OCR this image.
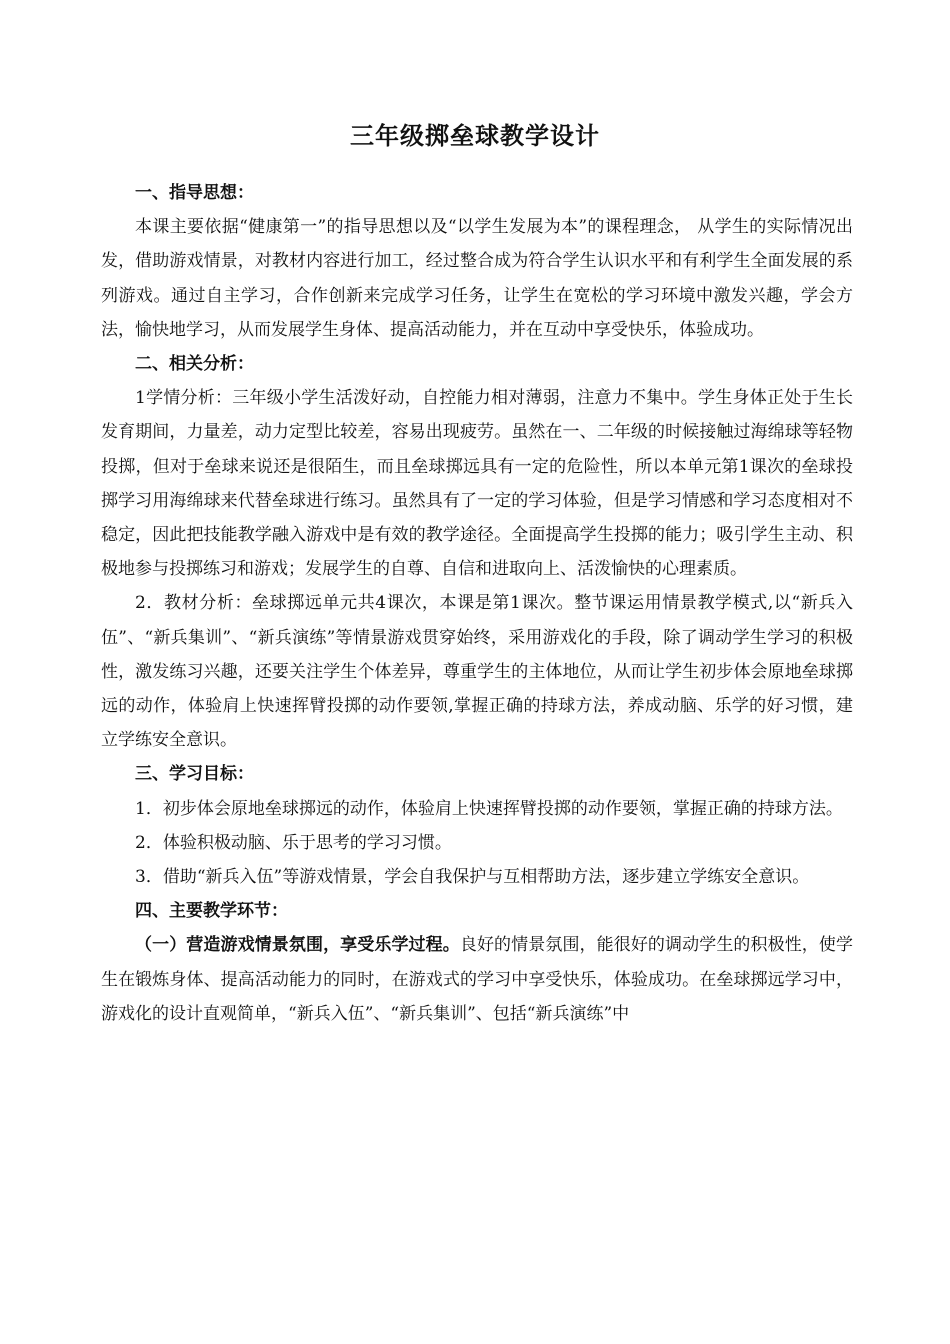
三年级掷垒球教学设计

一、指导思想：

本课主要依据“健康第一”的指导思想以及“以学生发展为本”的课程理念， 从学生的实际情况出发，借助游戏情景，对教材内容进行加工，经过整合成为符合学生认识水平和有利学生全面发展的系列游戏。通过自主学习，合作创新来完成学习任务，让学生在宽松的学习环境中激发兴趣，学会方法，愉快地学习，从而发展学生身体、提高活动能力，并在互动中享受快乐，体验成功。

二、相关分析：

1学情分析：三年级小学生活泼好动，自控能力相对薄弱，注意力不集中。学生身体正处于生长发育期间，力量差，动力定型比较差，容易出现疲劳。虽然在一、二年级的时候接触过海绵球等轻物投掷，但对于垒球来说还是很陌生，而且垒球掷远具有一定的危险性，所以本单元第1课次的垒球投掷学习用海绵球来代替垒球进行练习。虽然具有了一定的学习体验，但是学习情感和学习态度相对不稳定，因此把技能教学融入游戏中是有效的教学途径。全面提高学生投掷的能力；吸引学生主动、积极地参与投掷练习和游戏；发展学生的自尊、自信和进取向上、活泼愉快的心理素质。

2．教材分析：垒球掷远单元共4课次，本课是第1课次。整节课运用情景教学模式,以“新兵入伍”、“新兵集训”、“新兵演练”等情景游戏贯穿始终，采用游戏化的手段，除了调动学生学习的积极性，激发练习兴趣，还要关注学生个体差异，尊重学生的主体地位，从而让学生初步体会原地垒球掷远的动作，体验肩上快速挥臂投掷的动作要领,掌握正确的持球方法，养成动脑、乐学的好习惯，建立学练安全意识。

三、学习目标：

1．初步体会原地垒球掷远的动作，体验肩上快速挥臂投掷的动作要领，掌握正确的持球方法。

2．体验积极动脑、乐于思考的学习习惯。

3．借助“新兵入伍”等游戏情景，学会自我保护与互相帮助方法，逐步建立学练安全意识。

四、主要教学环节：

（一）营造游戏情景氛围，享受乐学过程。良好的情景氛围，能很好的调动学生的积极性，使学生在锻炼身体、提高活动能力的同时，在游戏式的学习中享受快乐，体验成功。在垒球掷远学习中，游戏化的设计直观简单，“新兵入伍”、“新兵集训”、包括“新兵演练”中
